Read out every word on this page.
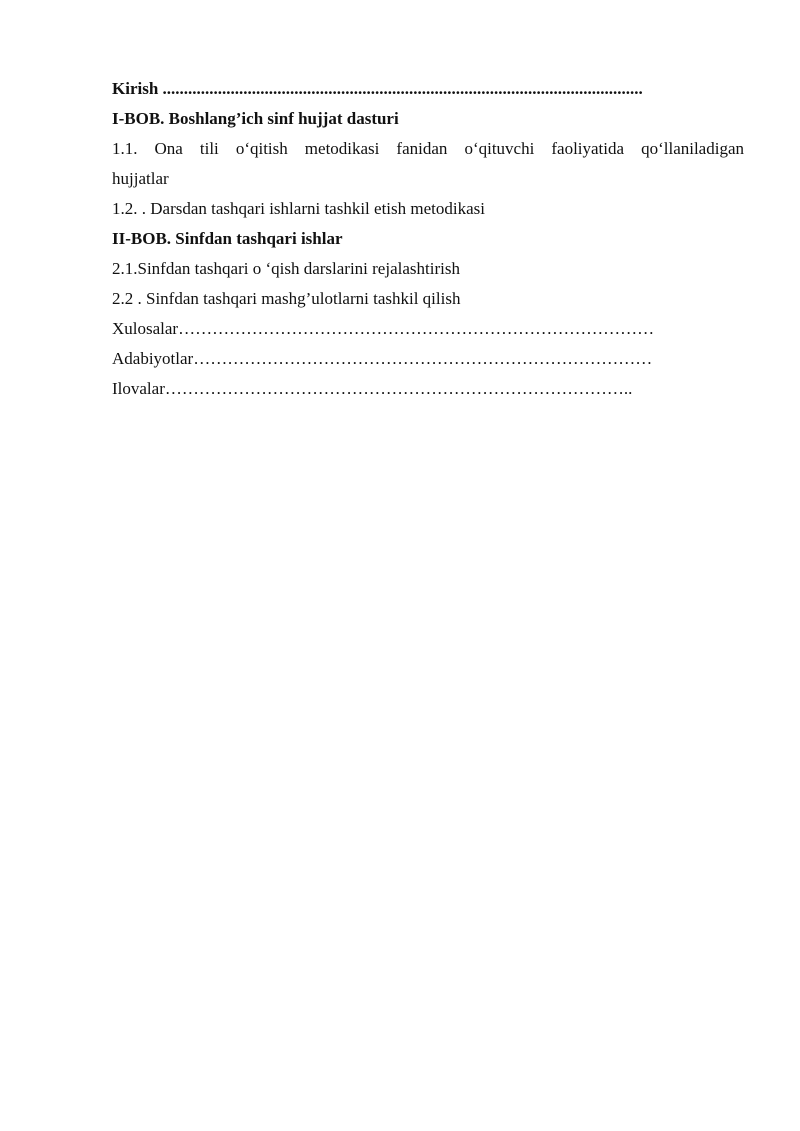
Kirish .................................................................................................................
I-BOB. Boshlang’ich sinf hujjat dasturi
1.1. Ona tili o‘qitish metodikasi fanidan o‘qituvchi faoliyatida qo‘llaniladigan
hujjatlar
1.2. . Darsdan tashqari ishlarni tashkil etish metodikasi
II-BOB. Sinfdan tashqari ishlar
2.1.Sinfdan tashqari o ‘qish darslarini rejalashtirish
2.2 . Sinfdan tashqari mashg’ulotlarni tashkil qilish
Xulosalar…………………………………………………………………………
Adabiyotlar………………………………………………………………………
Ilovalar………………………………………………………………………..
